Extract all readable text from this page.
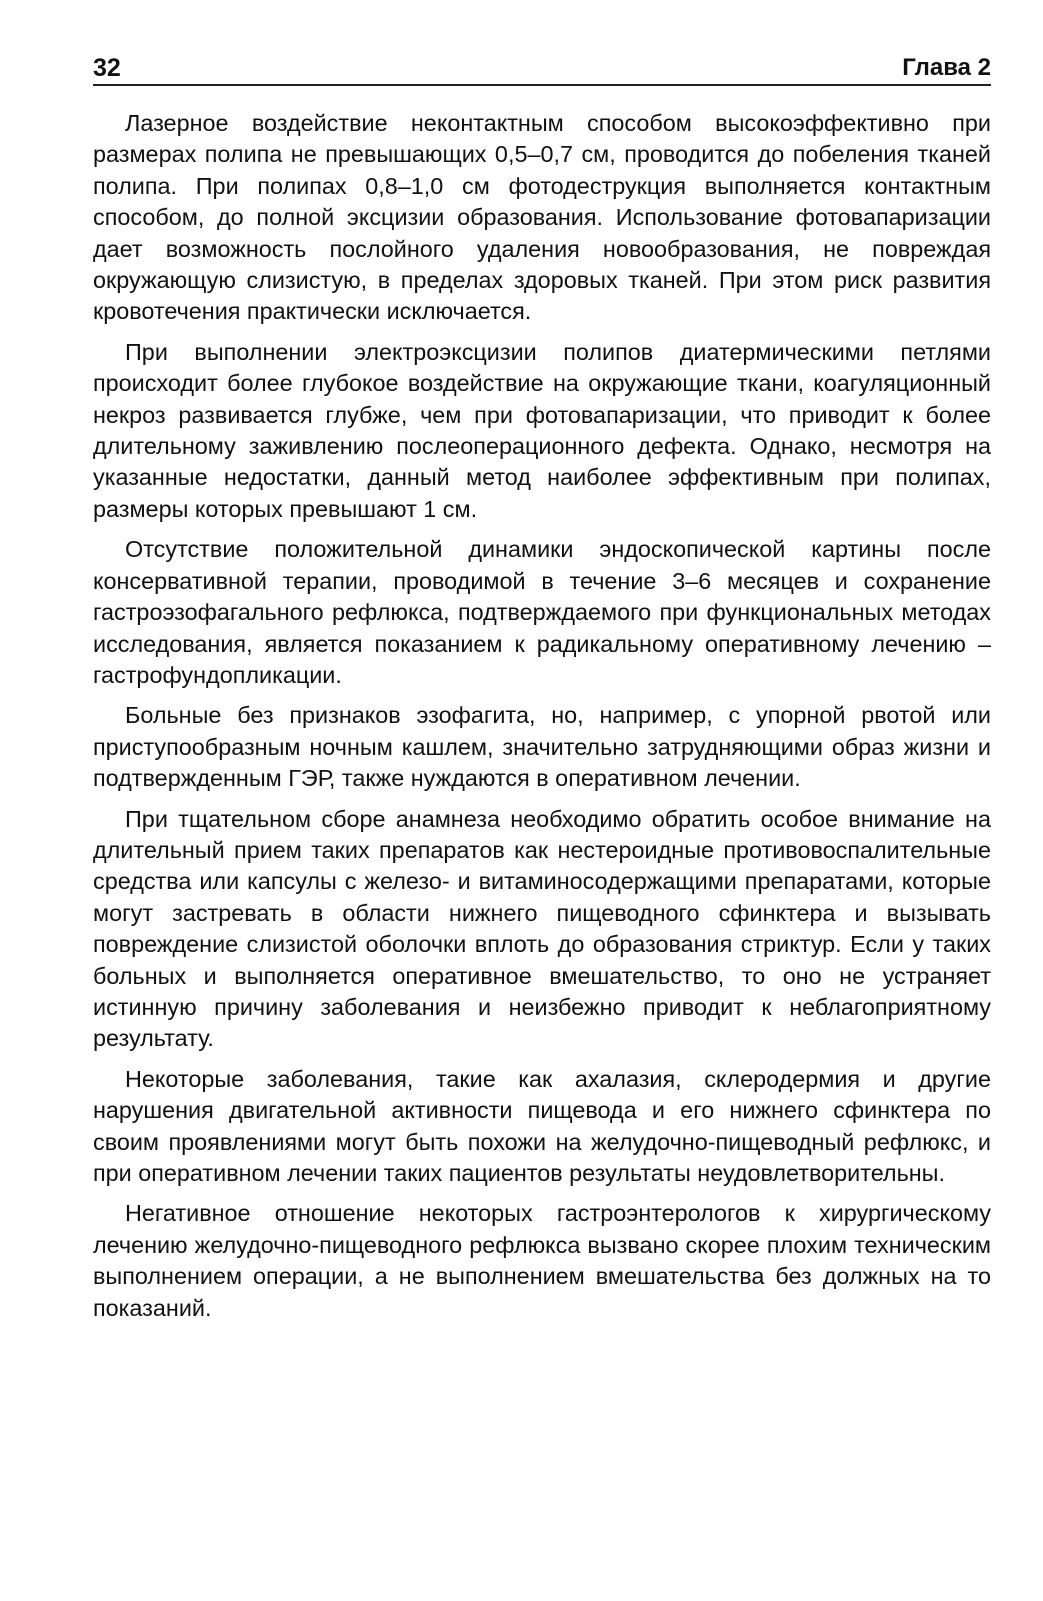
32	Глава 2

Лазерное воздействие неконтактным способом высокоэффективно при размерах полипа не превышающих 0,5–0,7 см, проводится до побеления тканей полипа. При полипах 0,8–1,0 см фотодеструкция выполняется контактным способом, до полной эксцизии образования. Использование фотовапаризации дает возможность послойного удаления новообразования, не повреждая окружающую слизистую, в пределах здоровых тканей. При этом риск развития кровотечения практически исключается.

При выполнении электроэксцизии полипов диатермическими петлями происходит более глубокое воздействие на окружающие ткани, коагуляционный некроз развивается глубже, чем при фотовапаризации, что приводит к более длительному заживлению послеоперационного дефекта. Однако, несмотря на указанные недостатки, данный метод наиболее эффективным при полипах, размеры которых превышают 1 см.

Отсутствие положительной динамики эндоскопической картины после консервативной терапии, проводимой в течение 3–6 месяцев и сохранение гастроэзофагального рефлюкса, подтверждаемого при функциональных методах исследования, является показанием к радикальному оперативному лечению – гастрофундопликации.

Больные без признаков эзофагита, но, например, с упорной рвотой или приступообразным ночным кашлем, значительно затрудняющими образ жизни и подтвержденным ГЭР, также нуждаются в оперативном лечении.

При тщательном сборе анамнеза необходимо обратить особое внимание на длительный прием таких препаратов как нестероидные противовоспалительные средства или капсулы с железо- и витаминосодержащими препаратами, которые могут застревать в области нижнего пищеводного сфинктера и вызывать повреждение слизистой оболочки вплоть до образования стриктур. Если у таких больных и выполняется оперативное вмешательство, то оно не устраняет истинную причину заболевания и неизбежно приводит к неблагоприятному результату.

Некоторые заболевания, такие как ахалазия, склеродермия и другие нарушения двигательной активности пищевода и его нижнего сфинктера по своим проявлениями могут быть похожи на желудочно-пищеводный рефлюкс, и при оперативном лечении таких пациентов результаты неудовлетворительны.

Негативное отношение некоторых гастроэнтерологов к хирургическому лечению желудочно-пищеводного рефлюкса вызвано скорее плохим техническим выполнением операции, а не выполнением вмешательства без должных на то показаний.
